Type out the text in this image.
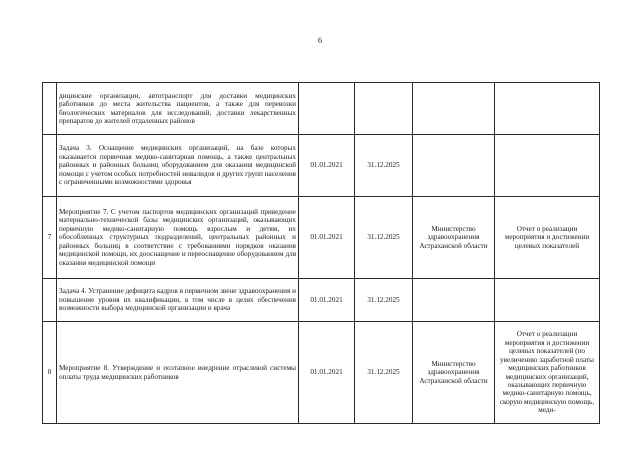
6
	дицинские организации, автотранспорт для доставки медицинских работников до места жительства пациентов, а также для перевозки биологических материалов для исследований, доставки лекарственных препаратов до жителей отдаленных районов				
	Задача 3. Оснащение медицинских организаций, на базе которых оказывается первичная медико-санитарная помощь, а также центральных районных и районных больниц оборудованием для оказания медицинской помощи с учетом особых потребностей инвалидов и других групп населения с ограниченными возможностями здоровья	01.01.2021	31.12.2025		
7	Мероприятие 7. С учетом паспортов медицинских организаций приведение материально-технической базы медицинских организаций, оказывающих первичную медико-санитарную помощь взрослым и детям, их обособленных структурных подразделений, центральных районных и районных больниц в соответствие с требованиями порядков оказания медицинской помощи, их дооснащение и переоснащение оборудованием для оказания медицинской помощи	01.01.2021	31.12.2025	Министерство здравоохранения Астраханской области	Отчет о реализации мероприятия и достижении целевых показателей
	Задача 4. Устранение дефицита кадров в первичном звене здравоохранения и повышение уровня их квалификации, в том числе в целях обеспечения возможности выбора медицинской организации и врача	01.01.2021	31.12.2025		
8	Мероприятие 8. Утверждение и поэтапное внедрение отраслевой системы оплаты труда медицинских работников	01.01.2021	31.12.2025	Министерство здравоохранения Астраханской области	Отчет о реализации мероприятия и достижении целевых показателей (по увеличению заработной платы медицинских работников медицинских организаций, оказывающих первичную медико-санитарную помощь, скорую медицинскую помощь, меди-
